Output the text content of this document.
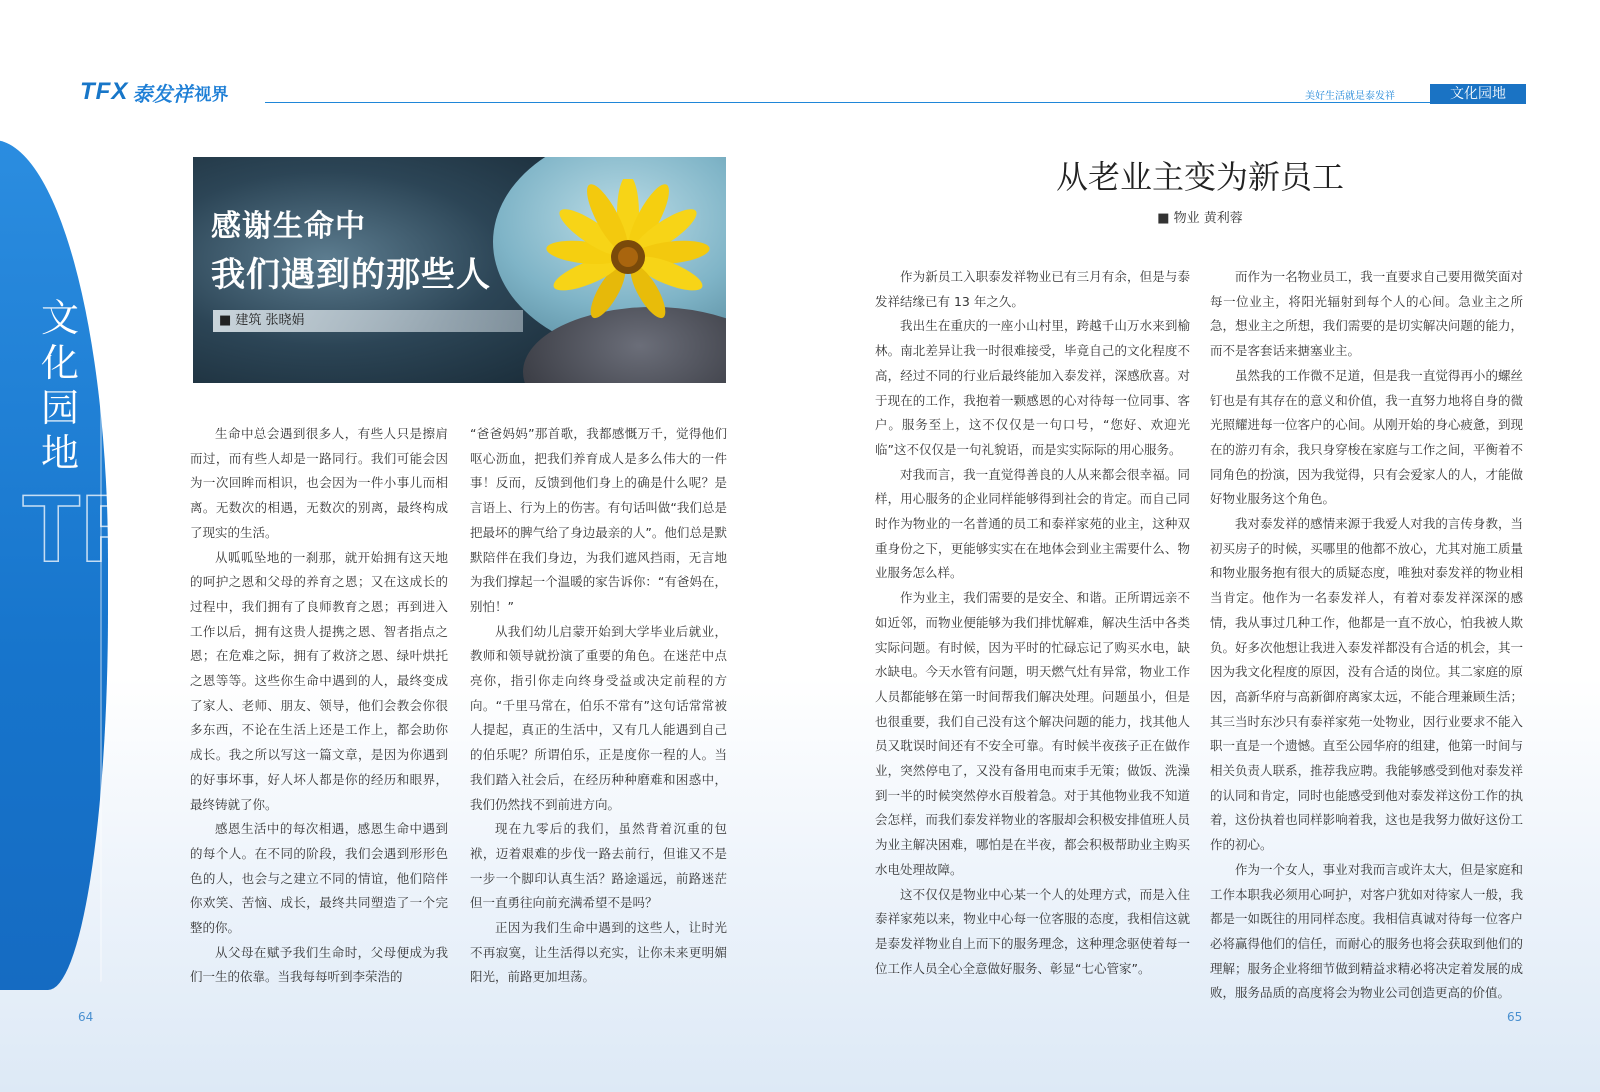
TFX 泰发祥 视界	美好生活就是泰发祥	文化园地
文化园地
TFX
感谢生命中
我们遇到的那些人
■ 建筑 张晓娟

生命中总会遇到很多人，有些人只是擦肩而过，而有些人却是一路同行。我们可能会因为一次回眸而相识，也会因为一件小事儿而相离。无数次的相遇，无数次的别离，最终构成了现实的生活。

从呱呱坠地的一刹那，就开始拥有这天地的呵护之恩和父母的养育之恩；又在这成长的过程中，我们拥有了良师教育之恩；再到进入工作以后，拥有这贵人提携之恩、智者指点之恩；在危难之际，拥有了救济之恩、绿叶烘托之恩等等。这些你生命中遇到的人，最终变成了家人、老师、朋友、领导，他们会教会你很多东西，不论在生活上还是工作上，都会助你成长。我之所以写这一篇文章，是因为你遇到的好事坏事，好人坏人都是你的经历和眼界，最终铸就了你。

感恩生活中的每次相遇，感恩生命中遇到的每个人。在不同的阶段，我们会遇到形形色色的人，也会与之建立不同的情谊，他们陪伴你欢笑、苦恼、成长，最终共同塑造了一个完整的你。

从父母在赋予我们生命时，父母便成为我们一生的依靠。当我每每听到李荣浩的

“爸爸妈妈”那首歌，我都感慨万千，觉得他们呕心沥血，把我们养育成人是多么伟大的一件事！反而，反馈到他们身上的确是什么呢？是言语上、行为上的伤害。有句话叫做“我们总是把最坏的脾气给了身边最亲的人”。他们总是默默陪伴在我们身边，为我们遮风挡雨，无言地为我们撑起一个温暖的家告诉你：“有爸妈在，别怕！”

从我们幼儿启蒙开始到大学毕业后就业，教师和领导就扮演了重要的角色。在迷茫中点亮你，指引你走向终身受益或决定前程的方向。“千里马常在，伯乐不常有”这句话常常被人提起，真正的生活中，又有几人能遇到自己的伯乐呢？所谓伯乐，正是度你一程的人。当我们踏入社会后，在经历种种磨难和困惑中，我们仍然找不到前进方向。

现在九零后的我们，虽然背着沉重的包袱，迈着艰难的步伐一路去前行，但谁又不是一步一个脚印认真生活？路途遥远，前路迷茫但一直勇往向前充满希望不是吗？

正因为我们生命中遇到的这些人，让时光不再寂寞，让生活得以充实，让你未来更明媚阳光，前路更加坦荡。

从老业主变为新员工
■ 物业 黄利蓉

作为新员工入职泰发祥物业已有三月有余，但是与泰发祥结缘已有 13 年之久。

我出生在重庆的一座小山村里，跨越千山万水来到榆林。南北差异让我一时很难接受，毕竟自己的文化程度不高，经过不同的行业后最终能加入泰发祥，深感欣喜。对于现在的工作，我抱着一颗感恩的心对待每一位同事、客户。服务至上，这不仅仅是一句口号，“您好、欢迎光临”这不仅仅是一句礼貌语，而是实实际际的用心服务。

对我而言，我一直觉得善良的人从来都会很幸福。同样，用心服务的企业同样能够得到社会的肯定。而自己同时作为物业的一名普通的员工和泰祥家苑的业主，这种双重身份之下，更能够实实在在地体会到业主需要什么、物业服务怎么样。

作为业主，我们需要的是安全、和谐。正所谓远亲不如近邻，而物业便能够为我们排忧解难，解决生活中各类实际问题。有时候，因为平时的忙碌忘记了购买水电，缺水缺电。今天水管有问题，明天燃气灶有异常，物业工作人员都能够在第一时间帮我们解决处理。问题虽小，但是也很重要，我们自己没有这个解决问题的能力，找其他人员又耽误时间还有不安全可靠。有时候半夜孩子正在做作业，突然停电了，又没有备用电而束手无策；做饭、洗澡到一半的时候突然停水百般着急。对于其他物业我不知道会怎样，而我们泰发祥物业的客服却会积极安排值班人员为业主解决困难，哪怕是在半夜，都会积极帮助业主购买水电处理故障。

这不仅仅是物业中心某一个人的处理方式，而是入住泰祥家苑以来，物业中心每一位客服的态度，我相信这就是泰发祥物业自上而下的服务理念，这种理念驱使着每一位工作人员全心全意做好服务、彰显“七心管家”。

而作为一名物业员工，我一直要求自己要用微笑面对每一位业主，将阳光辐射到每个人的心间。急业主之所急，想业主之所想，我们需要的是切实解决问题的能力，而不是客套话来搪塞业主。

虽然我的工作微不足道，但是我一直觉得再小的螺丝钉也是有其存在的意义和价值，我一直努力地将自身的微光照耀进每一位客户的心间。从刚开始的身心疲惫，到现在的游刃有余，我只身穿梭在家庭与工作之间，平衡着不同角色的扮演，因为我觉得，只有会爱家人的人，才能做好物业服务这个角色。

我对泰发祥的感情来源于我爱人对我的言传身教，当初买房子的时候，买哪里的他都不放心，尤其对施工质量和物业服务抱有很大的质疑态度，唯独对泰发祥的物业相当肯定。他作为一名泰发祥人，有着对泰发祥深深的感情，我从事过几种工作，他都是一直不放心，怕我被人欺负。好多次他想让我进入泰发祥都没有合适的机会，其一因为我文化程度的原因，没有合适的岗位。其二家庭的原因，高新华府与高新御府离家太远，不能合理兼顾生活；其三当时东沙只有泰祥家苑一处物业，因行业要求不能入职一直是一个遗憾。直至公园华府的组建，他第一时间与相关负责人联系，推荐我应聘。我能够感受到他对泰发祥的认同和肯定，同时也能感受到他对泰发祥这份工作的执着，这份执着也同样影响着我，这也是我努力做好这份工作的初心。

作为一个女人，事业对我而言或许太大，但是家庭和工作本职我必须用心呵护，对客户犹如对待家人一般，我都是一如既往的用同样态度。我相信真诚对待每一位客户必将赢得他们的信任，而耐心的服务也将会获取到他们的理解；服务企业将细节做到精益求精必将决定着发展的成败，服务品质的高度将会为物业公司创造更高的价值。

64	65
